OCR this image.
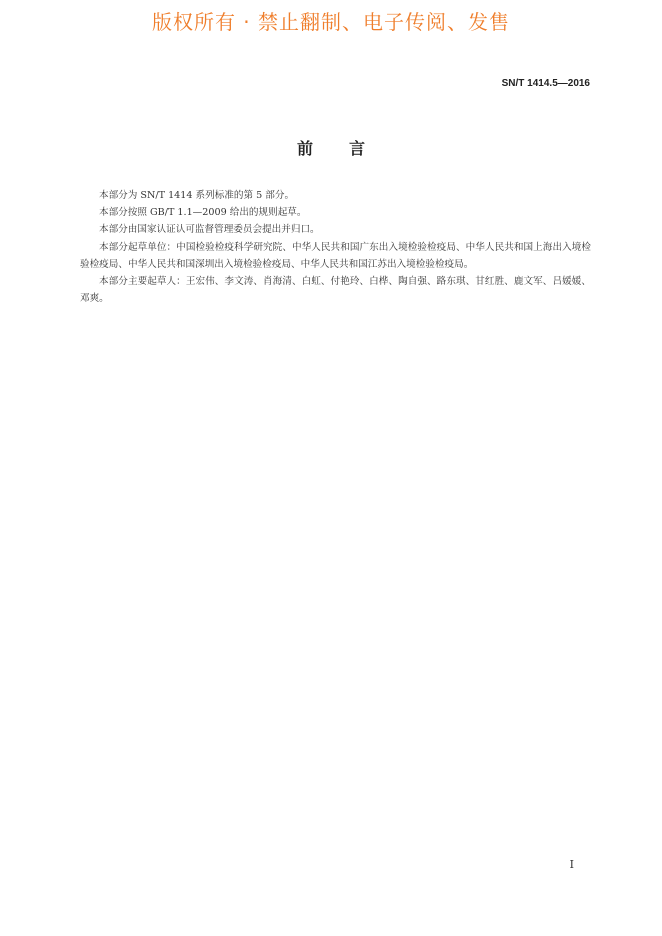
版权所有 · 禁止翻制、电子传阅、发售
SN/T 1414.5—2016
前言

本部分为 SN/T 1414 系列标准的第 5 部分。

本部分按照 GB/T 1.1—2009 给出的规则起草。

本部分由国家认证认可监督管理委员会提出并归口。

本部分起草单位：中国检验检疫科学研究院、中华人民共和国广东出入境检验检疫局、中华人民共和国上海出入境检验检疫局、中华人民共和国深圳出入境检验检疫局、中华人民共和国江苏出入境检验检疫局。

本部分主要起草人：王宏伟、李文涛、肖海清、白虹、付艳玲、白桦、陶自强、路东琪、甘红胜、鹿文军、吕媛媛、邓爽。

I
